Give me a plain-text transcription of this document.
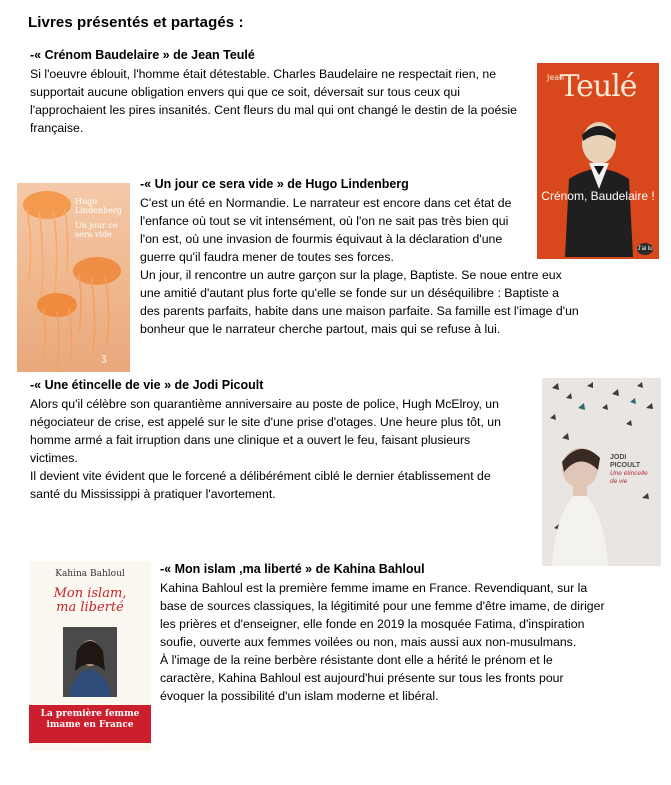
Livres présentés et partagés :
-« Crénom Baudelaire » de Jean Teulé

Si l'oeuvre éblouit, l'homme était détestable. Charles Baudelaire ne respectait rien, ne supportait aucune obligation envers qui que ce soit, déversait sur tous ceux qui l'approchaient les pires insanités. Cent fleurs du mal qui ont changé le destin de la poésie française.

Jean
Teulé
Crénom, Baudelaire !
J'ai lu
Hugo Lindenberg
Un jour ce sera vide
ʒ
-« Un jour ce sera vide » de Hugo Lindenberg

C'est un été en Normandie. Le narrateur est encore dans cet état de l'enfance où tout se vit intensément, où l'on ne sait pas très bien qui l'on est, où une invasion de fourmis équivaut à la déclaration d'une guerre qu'il faudra mener de toutes ses forces.

Un jour, il rencontre un autre garçon sur la plage, Baptiste. Se noue entre eux une amitié d'autant plus forte qu'elle se fonde sur un déséquilibre : Baptiste a des parents parfaits, habite dans une maison parfaite. Sa famille est l'image d'un bonheur que le narrateur cherche partout, mais qui se refuse à lui.

-« Une étincelle de vie » de Jodi Picoult

Alors qu'il célèbre son quarantième anniversaire au poste de police, Hugh McElroy, un négociateur de crise, est appelé sur le site d'une prise d'otages. Une heure plus tôt, un homme armé a fait irruption dans une clinique et a ouvert le feu, faisant plusieurs victimes.

Il devient vite évident que le forcené a délibérément ciblé le dernier établissement de santé du Mississippi à pratiquer l'avortement.

JODI PICOULT
Une étincelle de vie
Kahina Bahloul
Mon islam,
ma liberté
La première femme
imame en France
ALBIN MICHEL
-« Mon islam ,ma liberté » de Kahina Bahloul

Kahina Bahloul est la première femme imame en France. Revendiquant, sur la base de sources classiques, la légitimité pour une femme d'être imame, de diriger les prières et d'enseigner, elle fonde en 2019 la mosquée Fatima, d'inspiration soufie, ouverte aux femmes voilées ou non, mais aussi aux non-musulmans.

À l'image de la reine berbère résistante dont elle a hérité le prénom et le caractère, Kahina Bahloul est aujourd'hui présente sur tous les fronts pour évoquer la possibilité d'un islam moderne et libéral.
